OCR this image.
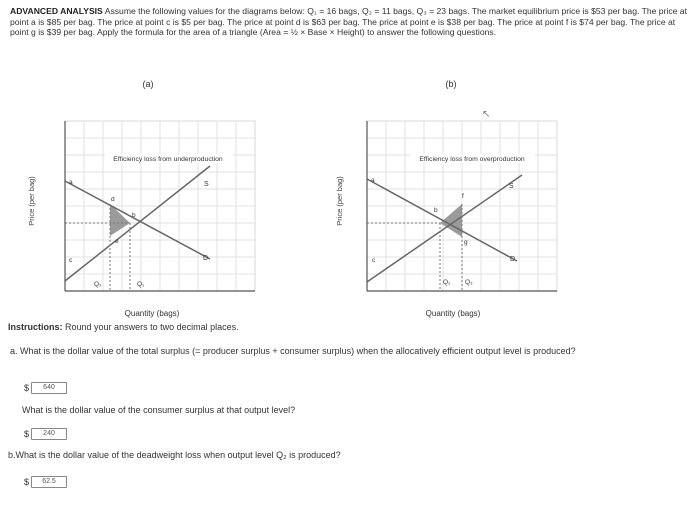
ADVANCED ANALYSIS Assume the following values for the diagrams below: Q₁ = 16 bags, Q₂ = 11 bags, Q₃ = 23 bags. The market equilibrium price is $53 per bag. The price at point a is $85 per bag. The price at point c is $5 per bag. The price at point d is $63 per bag. The price at point e is $38 per bag. The price at point f is $74 per bag. The price at point g is $39 per bag. Apply the formula for the area of a triangle (Area = ½ × Base × Height) to answer the following questions.
(a)
Price (per bag)
Efficiency loss from underproduction
a
d
b
e
c
S
D
Q₂	Q₁
Quantity (bags)
(b)
↖
Price (per bag)
Efficiency loss from overproduction
a
b
f
g
c
S
D
Q₁ Q₃
Quantity (bags)
Instructions: Round your answers to two decimal places.
a. What is the dollar value of the total surplus (= producer surplus + consumer surplus) when the allocatively efficient output level is produced?
$	640
What is the dollar value of the consumer surplus at that output level?
$	240
b.What is the dollar value of the deadweight loss when output level Q₂ is produced?
$	62.5
